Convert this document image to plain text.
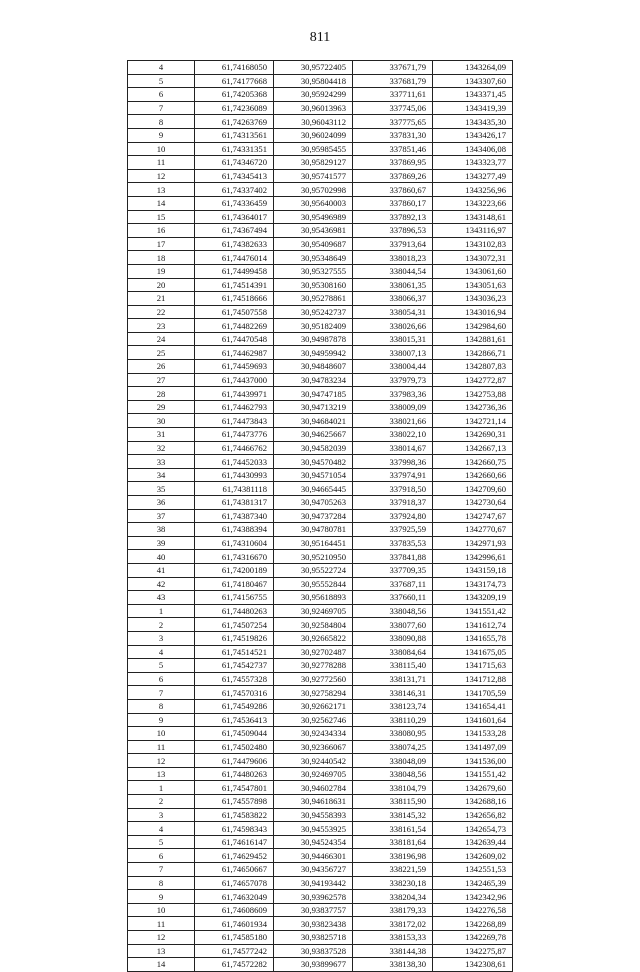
811
4	61,74168050	30,95722405	337671,79	1343264,09
5	61,74177668	30,95804418	337681,79	1343307,60
6	61,74205368	30,95924299	337711,61	1343371,45
7	61,74236089	30,96013963	337745,06	1343419,39
8	61,74263769	30,96043112	337775,65	1343435,30
9	61,74313561	30,96024099	337831,30	1343426,17
10	61,74331351	30,95985455	337851,46	1343406,08
11	61,74346720	30,95829127	337869,95	1343323,77
12	61,74345413	30,95741577	337869,26	1343277,49
13	61,74337402	30,95702998	337860,67	1343256,96
14	61,74336459	30,95640003	337860,17	1343223,66
15	61,74364017	30,95496989	337892,13	1343148,61
16	61,74367494	30,95436981	337896,53	1343116,97
17	61,74382633	30,95409687	337913,64	1343102,83
18	61,74476014	30,95348649	338018,23	1343072,31
19	61,74499458	30,95327555	338044,54	1343061,60
20	61,74514391	30,95308160	338061,35	1343051,63
21	61,74518666	30,95278861	338066,37	1343036,23
22	61,74507558	30,95242737	338054,31	1343016,94
23	61,74482269	30,95182409	338026,66	1342984,60
24	61,74470548	30,94987878	338015,31	1342881,61
25	61,74462987	30,94959942	338007,13	1342866,71
26	61,74459693	30,94848607	338004,44	1342807,83
27	61,74437000	30,94783234	337979,73	1342772,87
28	61,74439971	30,94747185	337983,36	1342753,88
29	61,74462793	30,94713219	338009,09	1342736,36
30	61,74473843	30,94684021	338021,66	1342721,14
31	61,74473776	30,94625667	338022,10	1342690,31
32	61,74466762	30,94582039	338014,67	1342667,13
33	61,74452033	30,94570482	337998,36	1342660,75
34	61,74430993	30,94571054	337974,91	1342660,66
35	61,74381118	30,94665445	337918,50	1342709,60
36	61,74381317	30,94705263	337918,37	1342730,64
37	61,74387340	30,94737284	337924,80	1342747,67
38	61,74388394	30,94780781	337925,59	1342770,67
39	61,74310604	30,95164451	337835,53	1342971,93
40	61,74316670	30,95210950	337841,88	1342996,61
41	61,74200189	30,95522724	337709,35	1343159,18
42	61,74180467	30,95552844	337687,11	1343174,73
43	61,74156755	30,95618893	337660,11	1343209,19
1	61,74480263	30,92469705	338048,56	1341551,42
2	61,74507254	30,92584804	338077,60	1341612,74
3	61,74519826	30,92665822	338090,88	1341655,78
4	61,74514521	30,92702487	338084,64	1341675,05
5	61,74542737	30,92778288	338115,40	1341715,63
6	61,74557328	30,92772560	338131,71	1341712,88
7	61,74570316	30,92758294	338146,31	1341705,59
8	61,74549286	30,92662171	338123,74	1341654,41
9	61,74536413	30,92562746	338110,29	1341601,64
10	61,74509044	30,92434334	338080,95	1341533,28
11	61,74502480	30,92366067	338074,25	1341497,09
12	61,74479606	30,92440542	338048,09	1341536,00
13	61,74480263	30,92469705	338048,56	1341551,42
1	61,74547801	30,94602784	338104,79	1342679,60
2	61,74557898	30,94618631	338115,90	1342688,16
3	61,74583822	30,94558393	338145,32	1342656,82
4	61,74598343	30,94553925	338161,54	1342654,73
5	61,74616147	30,94524354	338181,64	1342639,44
6	61,74629452	30,94466301	338196,98	1342609,02
7	61,74650667	30,94356727	338221,59	1342551,53
8	61,74657078	30,94193442	338230,18	1342465,39
9	61,74632049	30,93962578	338204,34	1342342,96
10	61,74608609	30,93837757	338179,33	1342276,58
11	61,74601934	30,93823438	338172,02	1342268,89
12	61,74585180	30,93825718	338153,33	1342269,78
13	61,74577242	30,93837528	338144,38	1342275,87
14	61,74572282	30,93899677	338138,30	1342308,61
